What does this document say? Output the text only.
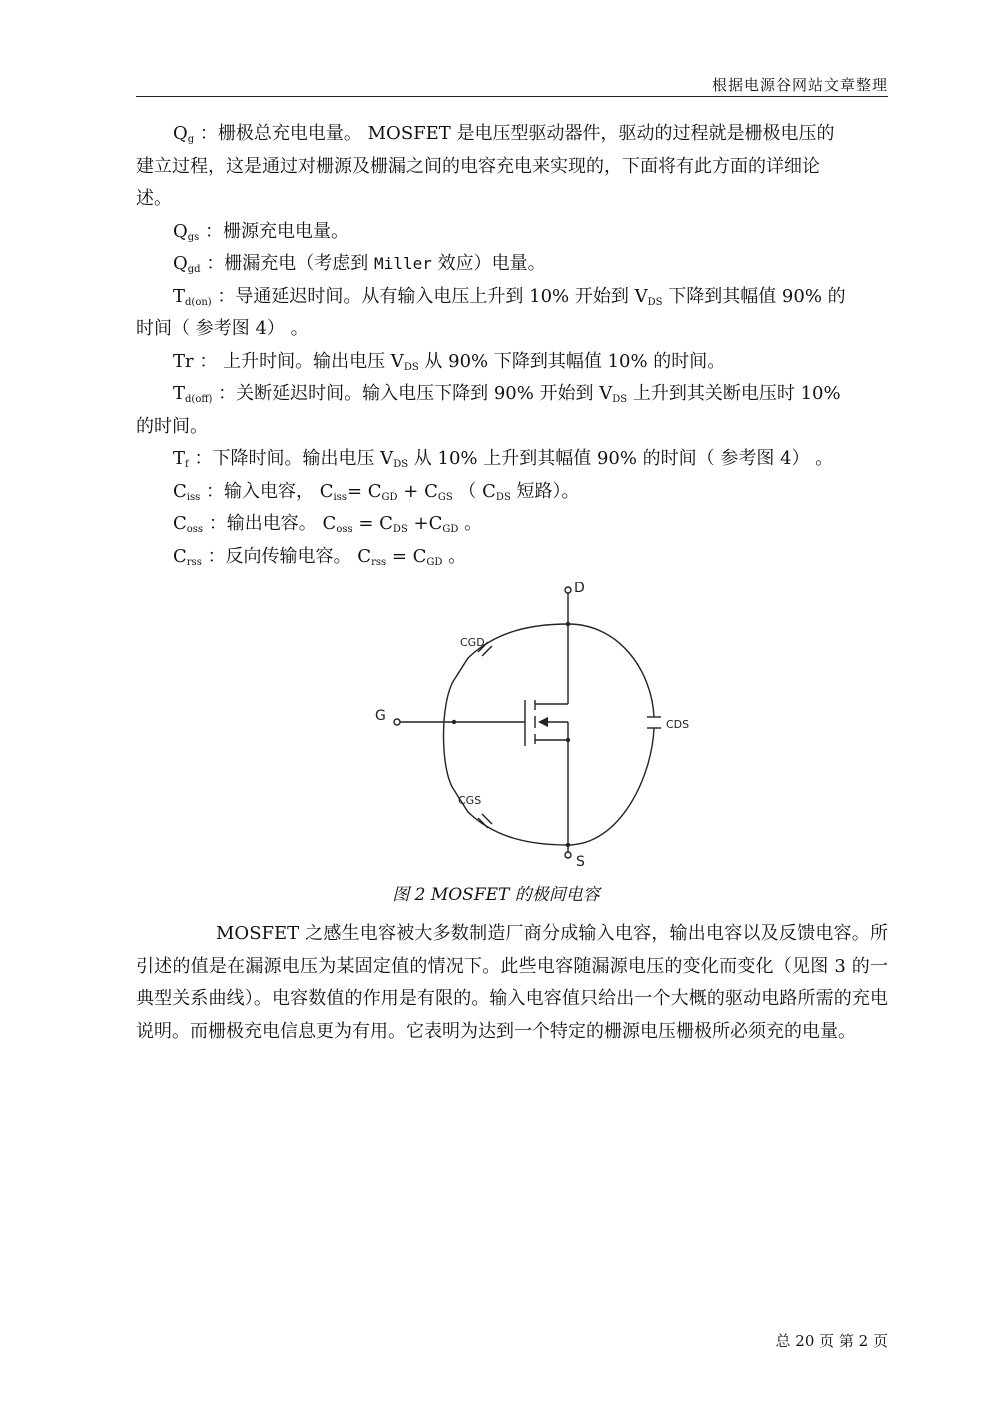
根据电源谷网站文章整理
$Q_g$ ：栅极总充电电量。 MOSFET 是电压型驱动器件，驱动的过程就是栅极电压的
建立过程，这是通过对栅源及栅漏之间的电容充电来实现的，下面将有此方面的详细论
述。
$Q_{gs}$ ：栅源充电电量。
$Q_{gd}$ ：栅漏充电（考虑到 Miller 效应）电量。
$T_{d(on)}$ ：导通延迟时间。从有输入电压上升到 10% 开始到 $V_{DS}$ 下降到其幅值 90% 的
时间（ 参考图 4） 。
Tr ： 上升时间。输出电压 $V_{DS}$ 从 90% 下降到其幅值 10% 的时间。
$T_{d(off)}$ ：关断延迟时间。输入电压下降到 90% 开始到 $V_{DS}$ 上升到其关断电压时 10%
的时间。
$T_f$ ：下降时间。输出电压 $V_{DS}$ 从 10% 上升到其幅值 90% 的时间（ 参考图 4） 。
$C_{iss}$ ：输入电容， $C_{iss}= C_{GD} + C_{GS}$ （ $C_{DS}$ 短路）。
$C_{oss}$ ：输出电容。 $C_{oss} = C_{DS} +C_{GD}$ 。
$C_{rss}$ ：反向传输电容。 $C_{rss} = C_{GD}$ 。
D
G
S
CGD
CGS
CDS
图 2 MOSFET 的极间电容
MOSFET 之感生电容被大多数制造厂商分成输入电容，输出电容以及反馈电容。所引述的值是在漏源电压为某固定值的情况下。此些电容随漏源电压的变化而变化（见图 3 的一典型关系曲线）。电容数值的作用是有限的。输入电容值只给出一个大概的驱动电路所需的充电说明。而栅极充电信息更为有用。它表明为达到一个特定的栅源电压栅极所必须充的电量。
总 20 页 第 2 页
